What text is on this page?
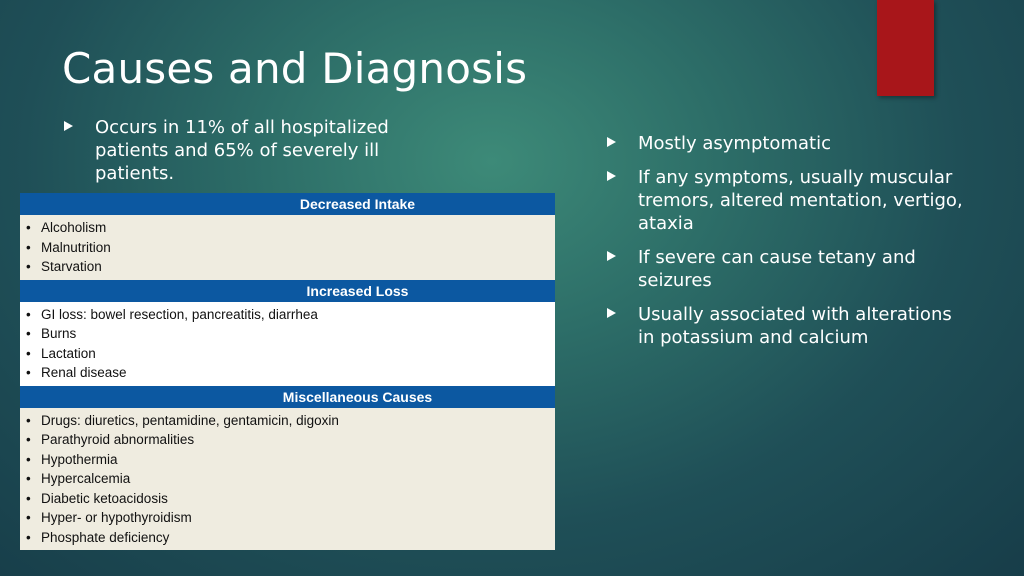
Causes and Diagnosis
Occurs in 11% of all hospitalized patients and 65% of severely ill patients.
Mostly asymptomatic
If any symptoms, usually muscular tremors, altered mentation, vertigo, ataxia
If severe can cause tetany and seizures
Usually associated with alterations in potassium and calcium
Decreased Intake
• Alcoholism
• Malnutrition
• Starvation
Increased Loss
• GI loss: bowel resection, pancreatitis, diarrhea
• Burns
• Lactation
• Renal disease
Miscellaneous Causes
• Drugs: diuretics, pentamidine, gentamicin, digoxin
• Parathyroid abnormalities
• Hypothermia
• Hypercalcemia
• Diabetic ketoacidosis
• Hyper- or hypothyroidism
• Phosphate deficiency
